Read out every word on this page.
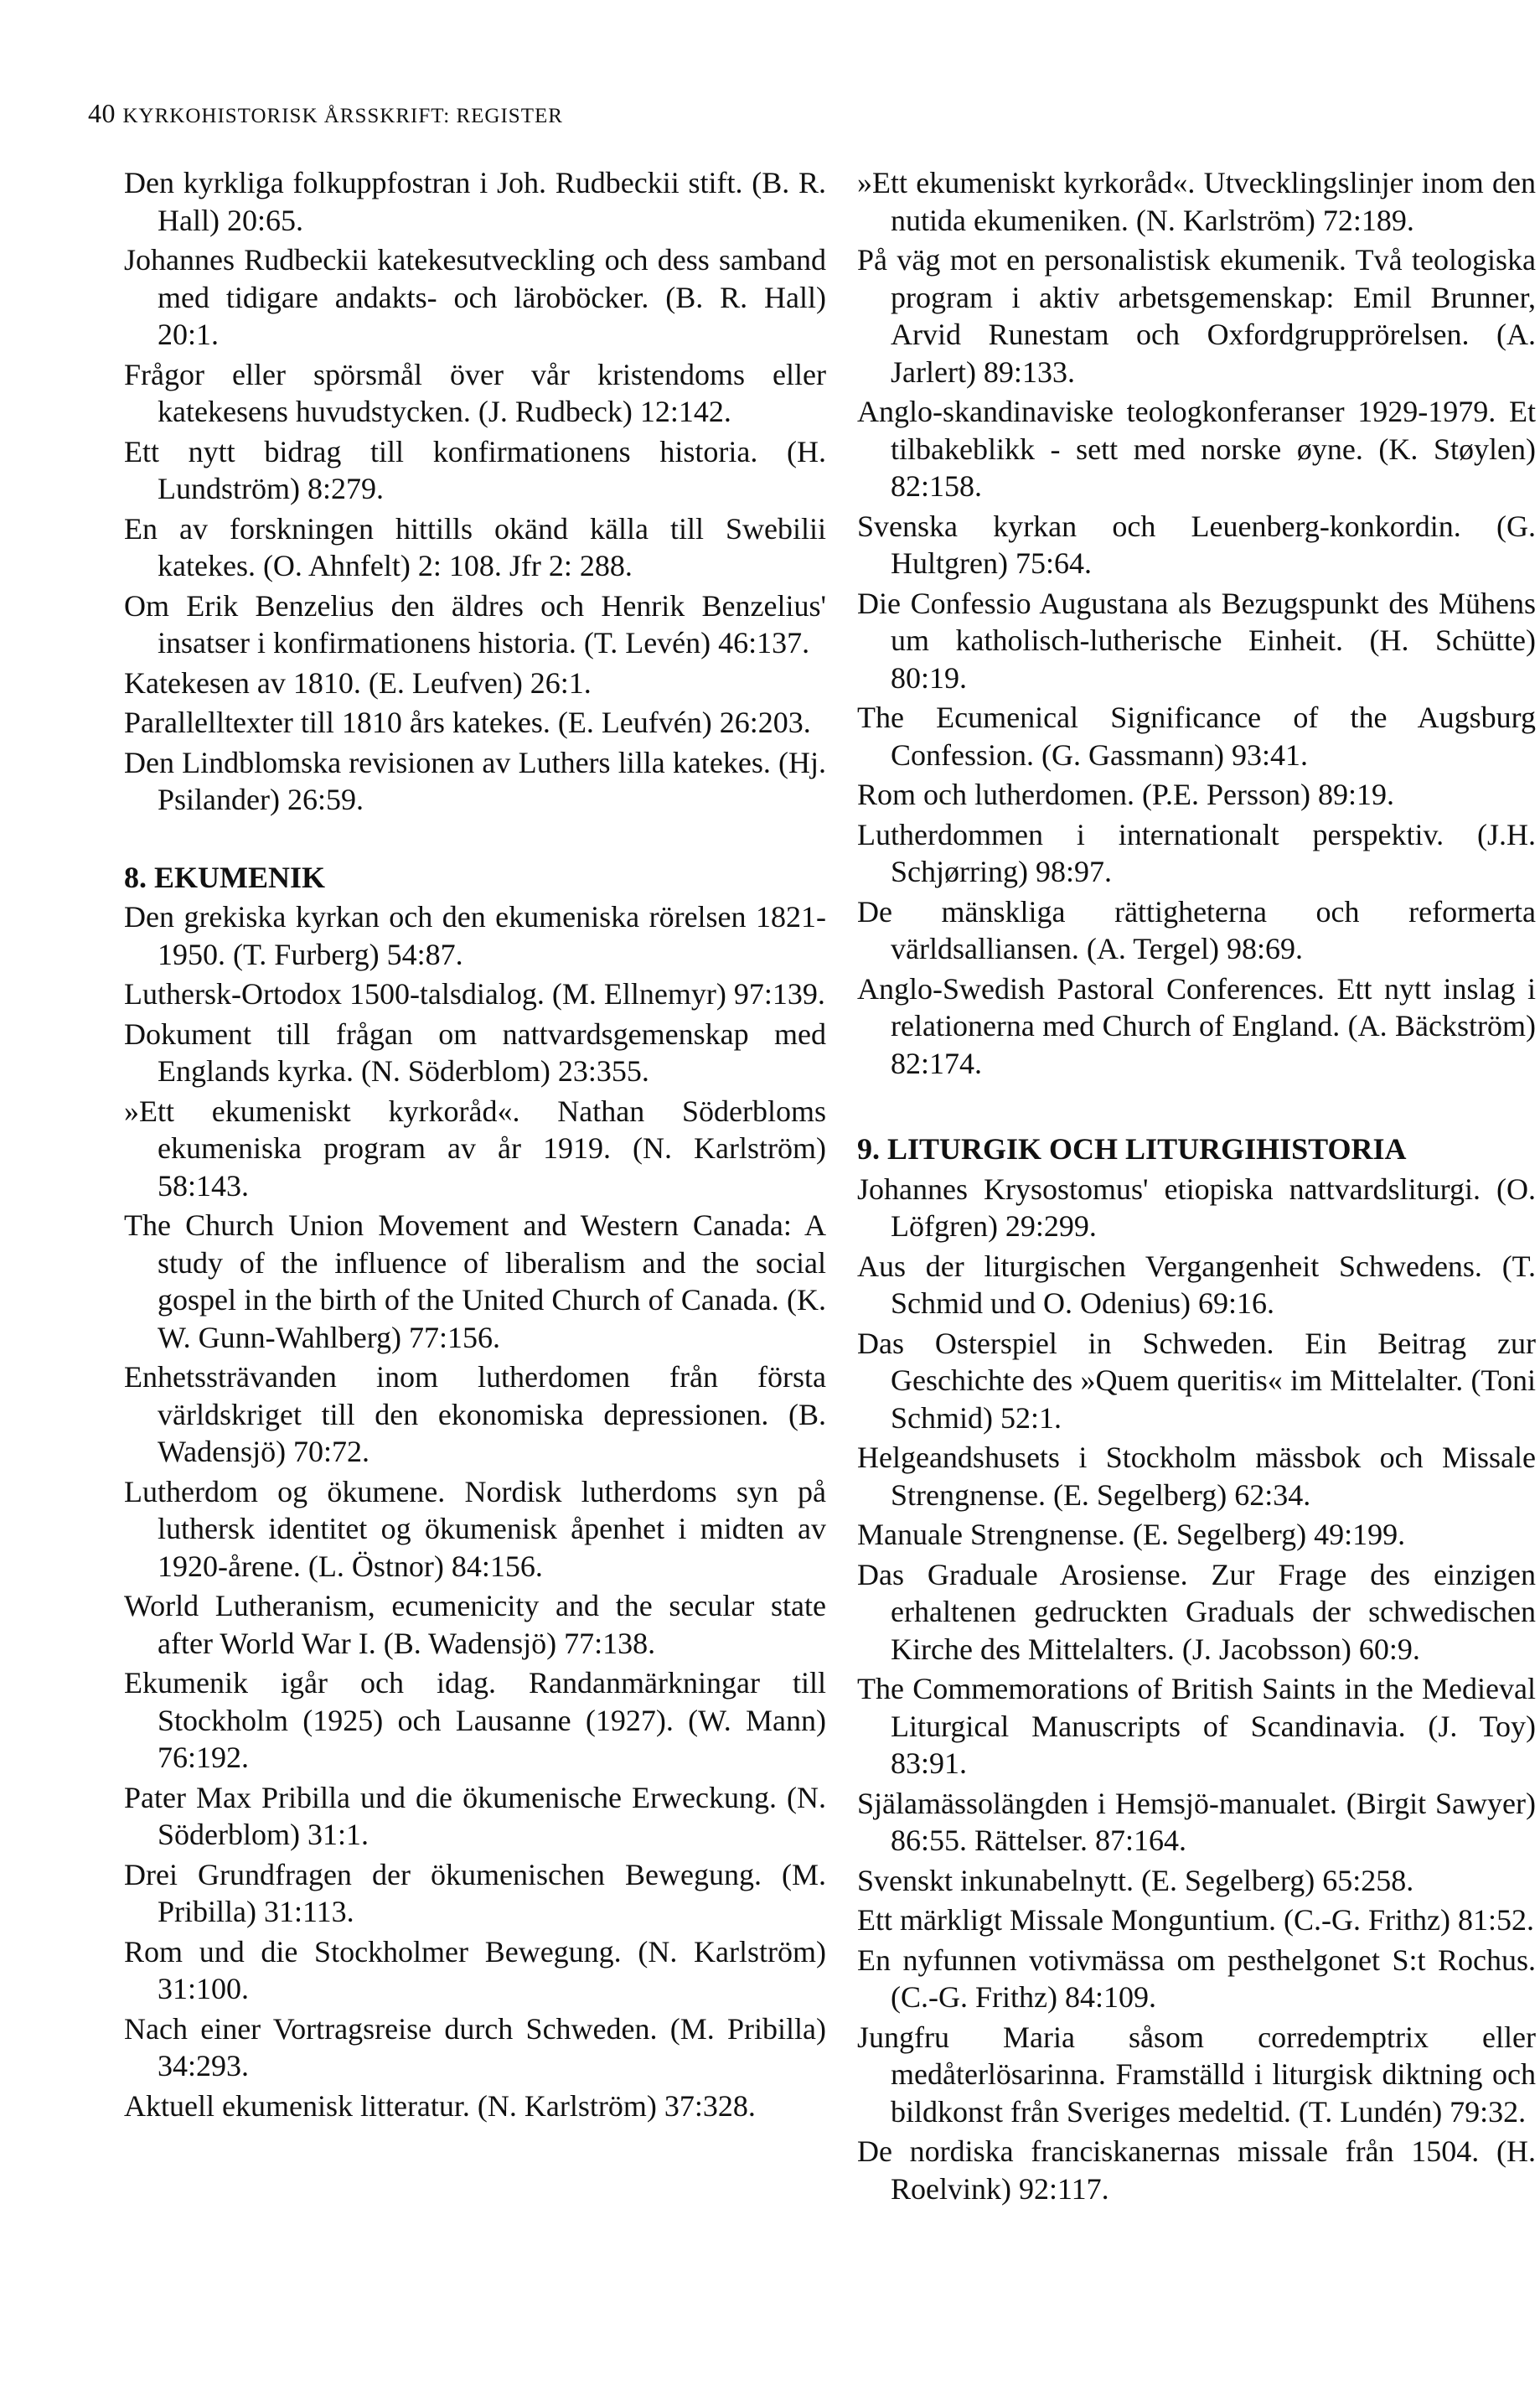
40 KYRKOHISTORISK ÅRSSKRIFT: REGISTER

Den kyrkliga folkuppfostran i Joh. Rudbeckii stift. (B. R. Hall) 20:65.

Johannes Rudbeckii katekesutveckling och dess samband med tidigare andakts- och läroböcker. (B. R. Hall) 20:1.

Frågor eller spörsmål över vår kristendoms eller katekesens huvudstycken. (J. Rudbeck) 12:142.

Ett nytt bidrag till konfirmationens historia. (H. Lundström) 8:279.

En av forskningen hittills okänd källa till Swebilii katekes. (O. Ahnfelt) 2: 108. Jfr 2: 288.

Om Erik Benzelius den äldres och Henrik Benzelius' insatser i konfirmationens historia. (T. Levén) 46:137.

Katekesen av 1810. (E. Leufven) 26:1.

Parallelltexter till 1810 års katekes. (E. Leufvén) 26:203.

Den Lindblomska revisionen av Luthers lilla katekes. (Hj. Psilander) 26:59.

8. EKUMENIK

Den grekiska kyrkan och den ekumeniska rörelsen 1821-1950. (T. Furberg) 54:87.

Luthersk-Ortodox 1500-talsdialog. (M. Ellnemyr) 97:139.

Dokument till frågan om nattvardsgemenskap med Englands kyrka. (N. Söderblom) 23:355.

»Ett ekumeniskt kyrkoråd«. Nathan Söderbloms ekumeniska program av år 1919. (N. Karlström) 58:143.

The Church Union Movement and Western Canada: A study of the influence of liberalism and the social gospel in the birth of the United Church of Canada. (K. W. Gunn-Wahlberg) 77:156.

Enhetssträvanden inom lutherdomen från första världskriget till den ekonomiska depressionen. (B. Wadensjö) 70:72.

Lutherdom og ökumene. Nordisk lutherdoms syn på luthersk identitet og ökumenisk åpenhet i midten av 1920-årene. (L. Östnor) 84:156.

World Lutheranism, ecumenicity and the secular state after World War I. (B. Wadensjö) 77:138.

Ekumenik igår och idag. Randanmärkningar till Stockholm (1925) och Lausanne (1927). (W. Mann) 76:192.

Pater Max Pribilla und die ökumenische Erweckung. (N. Söderblom) 31:1.

Drei Grundfragen der ökumenischen Bewegung. (M. Pribilla) 31:113.

Rom und die Stockholmer Bewegung. (N. Karlström) 31:100.

Nach einer Vortragsreise durch Schweden. (M. Pribilla) 34:293.

Aktuell ekumenisk litteratur. (N. Karlström) 37:328.

»Ett ekumeniskt kyrkoråd«. Utvecklingslinjer inom den nutida ekumeniken. (N. Karlström) 72:189.

På väg mot en personalistisk ekumenik. Två teologiska program i aktiv arbetsgemenskap: Emil Brunner, Arvid Runestam och Oxfordgrupprörelsen. (A. Jarlert) 89:133.

Anglo-skandinaviske teologkonferanser 1929-1979. Et tilbakeblikk - sett med norske øyne. (K. Støylen) 82:158.

Svenska kyrkan och Leuenberg-konkordin. (G. Hultgren) 75:64.

Die Confessio Augustana als Bezugspunkt des Mühens um katholisch-lutherische Einheit. (H. Schütte) 80:19.

The Ecumenical Significance of the Augsburg Confession. (G. Gassmann) 93:41.

Rom och lutherdomen. (P.E. Persson) 89:19.

Lutherdommen i internationalt perspektiv. (J.H. Schjørring) 98:97.

De mänskliga rättigheterna och reformerta världsalliansen. (A. Tergel) 98:69.

Anglo-Swedish Pastoral Conferences. Ett nytt inslag i relationerna med Church of England. (A. Bäckström) 82:174.

9. LITURGIK OCH LITURGIHISTORIA

Johannes Krysostomus' etiopiska nattvardsliturgi. (O. Löfgren) 29:299.

Aus der liturgischen Vergangenheit Schwedens. (T. Schmid und O. Odenius) 69:16.

Das Osterspiel in Schweden. Ein Beitrag zur Geschichte des »Quem queritis« im Mittelalter. (Toni Schmid) 52:1.

Helgeandshusets i Stockholm mässbok och Missale Strengnense. (E. Segelberg) 62:34.

Manuale Strengnense. (E. Segelberg) 49:199.

Das Graduale Arosiense. Zur Frage des einzigen erhaltenen gedruckten Graduals der schwedischen Kirche des Mittelalters. (J. Jacobsson) 60:9.

The Commemorations of British Saints in the Medieval Liturgical Manuscripts of Scandinavia. (J. Toy) 83:91.

Själamässolängden i Hemsjö-manualet. (Birgit Sawyer) 86:55. Rättelser. 87:164.

Svenskt inkunabelnytt. (E. Segelberg) 65:258.

Ett märkligt Missale Monguntium. (C.-G. Frithz) 81:52.

En nyfunnen votivmässa om pesthelgonet S:t Rochus. (C.-G. Frithz) 84:109.

Jungfru Maria såsom corredemptrix eller medåterlösarinna. Framställd i liturgisk diktning och bildkonst från Sveriges medeltid. (T. Lundén) 79:32.

De nordiska franciskanernas missale från 1504. (H. Roelvink) 92:117.
